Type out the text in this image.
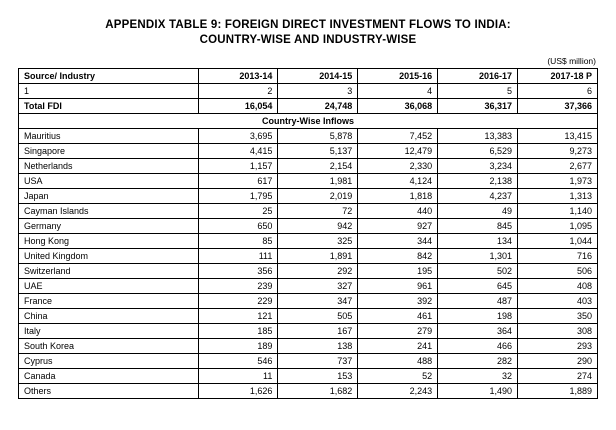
APPENDIX TABLE 9: FOREIGN DIRECT INVESTMENT FLOWS TO INDIA:
COUNTRY-WISE AND INDUSTRY-WISE
(US$ million)
Source/ Industry	2013-14	2014-15	2015-16	2016-17	2017-18 P
1	2	3	4	5	6
Total FDI	16,054	24,748	36,068	36,317	37,366
Country-Wise Inflows					
Mauritius	3,695	5,878	7,452	13,383	13,415
Singapore	4,415	5,137	12,479	6,529	9,273
Netherlands	1,157	2,154	2,330	3,234	2,677
USA	617	1,981	4,124	2,138	1,973
Japan	1,795	2,019	1,818	4,237	1,313
Cayman Islands	25	72	440	49	1,140
Germany	650	942	927	845	1,095
Hong Kong	85	325	344	134	1,044
United Kingdom	111	1,891	842	1,301	716
Switzerland	356	292	195	502	506
UAE	239	327	961	645	408
France	229	347	392	487	403
China	121	505	461	198	350
Italy	185	167	279	364	308
South Korea	189	138	241	466	293
Cyprus	546	737	488	282	290
Canada	11	153	52	32	274
Others	1,626	1,682	2,243	1,490	1,889
